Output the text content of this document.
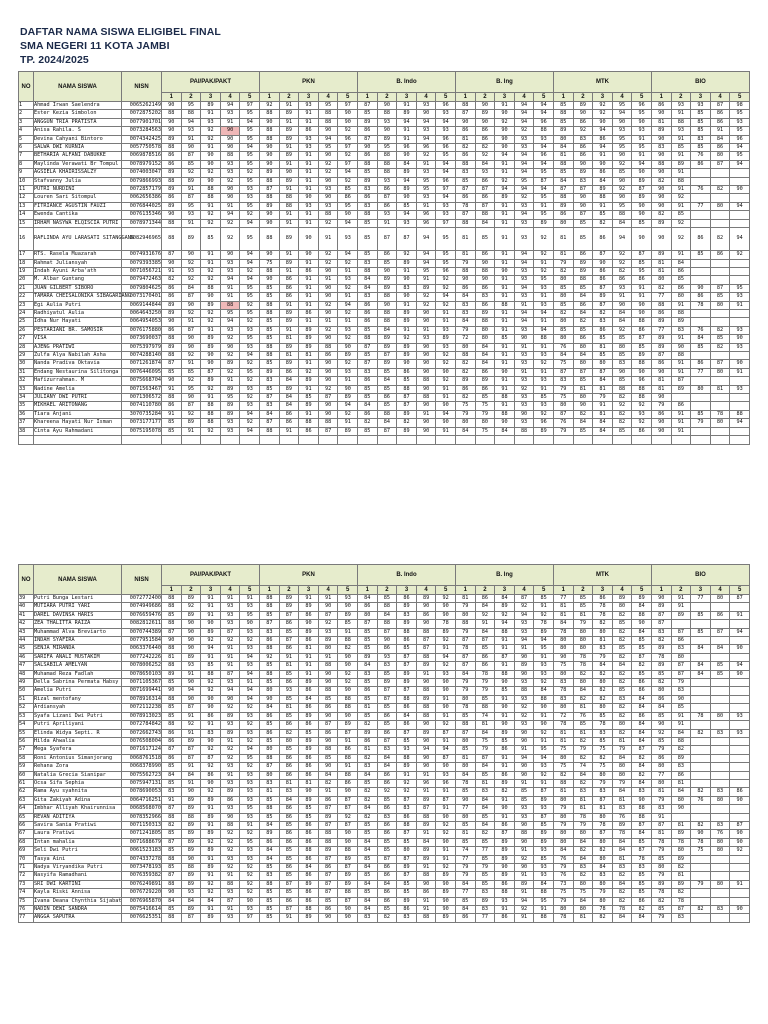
DAFTAR NAMA SISWA ELIGIBEL FINAL
SMA NEGERI 11 KOTA JAMBI
TP. 2024/2025
NO	NAMA SISWA	NISN	PAI/PAK/PAKT					PKN					B. Indo					B. Ing					MTK					BIO				
			1	2	3	4	5	1	2	3	4	5	1	2	3	4	5	1	2	3	4	5	1	2	3	4	5	1	2	3	4	5
1	Ahmad Irwan Saelendra	0065262149	90	95	89	94	97	92	91	93	95	97	87	90	91	93	96	88	90	91	94	94	85	89	92	95	96	86	93	93	87	98
2	Ester Kezia Simbolon	0072875202	88	88	91	93	95	88	89	91	88	90	85	88	89	90	93	87	89	90	94	94	88	90	92	94	95	90	91	85	86	95
3	ANGGUN TRIA PRATISTA	0077901701	90	94	93	91	94	90	91	91	88	90	89	93	94	94	94	90	90	92	94	96	85	86	90	90	90	81	88	85	86	93
4	Anisa Rahila. S	0073284563	90	93	92	90	95	88	89	86	90	92	86	90	91	93	93	86	86	90	92	88	89	92	94	93	93	89	93	85	91	95
5	Devina Cahyani Bintoro	0074342425	89	91	92	90	95	88	89	93	94	96	87	89	91	94	96	81	86	90	93	93	80	83	86	95	91	90	91	83	84	96
6	SALWA DWI KURNIA	0057750578	88	90	91	90	94	90	91	93	95	97	90	95	96	96	96	82	82	90	93	94	84	86	94	95	95	83	85	85	86	94
7	BETHARIA ALFANI DABUKKE	0069878516	86	87	90	88	95	90	89	91	90	92	86	88	90	92	95	86	92	94	94	96	81	86	91	90	91	90	91	76	80	95
8	Maylinda Verawati Br Tompul	0078979152	86	85	90	93	95	90	91	91	92	97	88	88	84	91	94	88	84	91	94	94	88	90	90	92	94	88	89	86	87	94
9	AGSIELA KHAIRISSALZY	0074003047	89	92	92	93	92	89	90	91	92	94	85	88	89	93	94	83	93	91	94	95	85	89	86	85	90	90	91			
10	Stafvanny Julia	0079866993	88	89	90	92	95	88	89	91	90	92	89	93	94	95	96	85	86	92	95	87	84	83	84	90	89	82	88			
11	PUTRI NURDINI	0072857179	89	91	88	90	93	87	91	91	93	85	83	86	89	95	97	87	87	94	94	94	87	87	89	92	87	90	91	76	82	90
12	Louren Sari Sitompul	0062656386	86	87	88	90	93	88	88	90	90	86	86	87	90	93	94	86	86	89	92	95	88	90	88	90	89	90	92			
13	FITRIANCE AGUSTIN FAUZI	0076844025	89	95	91	91	95	89	88	93	93	95	83	86	85	91	93	78	87	91	93	91	89	90	91	95	90	90	91	77	80	94
14	Ewenda Cantika	0076135346	90	93	92	94	92	90	91	91	88	90	88	93	94	96	93	87	88	91	94	95	86	87	85	88	90	82	85			
15	IRHAM NASYWA ELQISCIA PUTRI	0078971344	88	91	92	92	94	90	91	91	92	94	85	91	93	96	97	88	84	91	93	89	80	85	82	84	85	89	92			
16	RAFLINDA AYU LARASATI SITANGGANG	0082946965	88	89	85	92	95	88	89	90	91	93	85	87	87	94	95	81	85	91	93	92	81	85	86	94	90	90	92	86	82	94
17	RTS. Rasela Muazarah	0074931676	87	90	91	90	94	90	91	90	92	94	85	86	92	94	95	81	86	91	94	92	81	86	87	92	87	89	91	85	86	92
18	Rahmat Juliansyah	0079393385	90	92	91	93	94	75	89	91	92	92	83	85	89	94	95	79	90	91	94	91	79	89	90	92	85	81	84			
19	Indah Ayuni Arba'ath	0071056721	91	93	92	93	92	88	91	86	90	91	88	90	91	95	96	88	88	90	93	92	82	89	86	82	95	81	86			
20	M. Albar Guntang	0079472463	82	92	92	94	94	90	86	91	91	93	84	89	90	91	92	90	90	91	93	95	80	88	86	86	86	80	85			
21	JUAN GILBERT SIBORO	0079804625	86	84	88	91	95	85	86	91	90	92	84	89	83	89	92	86	86	91	94	93	85	85	87	93	91	82	86	90	87	95
22	TAMARA CHEISALONIKA SIBAGARIANG	0073170401	86	87	90	91	95	85	86	91	90	91	83	88	90	92	94	84	83	91	93	91	80	84	89	91	91	77	80	86	85	93
23	Egi Aulia Putri	0069144844	89	90	89	88	92	88	91	91	92	94	86	90	91	92	92	83	86	88	91	93	85	86	87	90	90	88	91	78	80	91
24	Radhiyatul Aulia	0064643250	89	92	92	95	95	88	89	86	90	92	86	88	89	90	91	83	89	91	94	94	82	84	82	84	90	86	88			
25	Idha Nur Hayati	0064954053	90	91	92	94	92	85	89	91	91	91	86	88	89	90	91	84	88	91	94	91	80	82	83	84	88	89	89			
26	PESTARIANI BR. SAMOSIR	0076175880	86	87	91	93	93	85	91	89	92	93	85	84	91	91	93	79	80	91	93	94	85	85	86	92	86	77	83	76	82	93
27	VISA	0073690037	88	90	89	92	95	85	81	89	90	92	88	89	92	93	89	72	80	85	90	88	80	86	85	85	87	89	91	84	85	90
28	AJENG PRATIWI	0075397979	89	90	89	90	93	88	89	89	88	90	87	89	89	90	93	80	84	91	91	91	76	80	81	80	85	89	90	85	82	93
29	Zulfa Alya Nabilah Asha	0074288140	88	92	90	92	94	88	81	81	86	89	85	87	89	90	92	88	84	91	93	93	84	84	85	85	89	87	88			
30	Nanda Pradiva Oktavia	0071261874	87	91	90	89	92	85	89	91	90	92	87	89	90	90	92	82	84	91	93	92	75	80	80	83	88	86	91	86	87	90
31	Endang Nestaurina Silitonga	0076446095	85	85	87	92	95	89	86	92	90	93	83	85	86	90	90	82	86	90	91	91	87	87	87	90	90	90	91	77	80	91
32	Hafizurrahman. M	0075668704	90	92	89	91	92	83	84	89	90	91	86	84	85	88	92	89	89	91	93	93	83	85	84	85	96	81	87			
33	Nadine Amelia	0071563467	91	95	92	89	93	85	89	91	92	90	85	85	88	90	91	86	86	91	92	91	79	81	81	88	88	81	89	80	81	93
34	JULIANY DWI PUTRI	0071306572	88	90	91	95	92	87	84	85	87	89	85	86	87	88	91	82	85	88	93	85	75	80	79	82	88	90				
35	MIKHAEL ARITONANG	0074110780	86	87	88	89	93	83	84	89	90	94	84	85	87	90	90	75	75	91	93	93	80	90	91	92	92	79	86			
36	Tiara Anjani	3070735284	91	92	88	89	94	84	86	91	90	92	86	88	89	91	94	79	79	88	90	92	87	82	81	82	93	86	91	85	78	88
37	Khareena Hayati Nur Isman	0073177177	85	89	88	93	92	87	86	88	88	91	82	84	82	90	90	80	80	90	93	96	76	84	84	82	92	90	91	79	80	94
38	Cinta Ayu Rahmadani	0075195078	85	91	92	93	94	88	91	86	87	89	85	87	89	90	91	84	75	84	88	89	79	85	84	85	86	90	91			

NO	NAMA SISWA	NISN	PAI/PAK/PAKT					PKN					B. Indo					B. Ing					MTK					BIO				
			1	2	3	4	5	1	2	3	4	5	1	2	3	4	5	1	2	3	4	5	1	2	3	4	5	1	2	3	4	5
39	Putri Bunga Lestari	0072772400	88	89	91	91	91	88	89	91	91	93	84	85	86	89	92	81	86	84	87	85	77	85	86	89	89	90	91	77	80	87
40	MUTIARA PUTRI YARI	0074949686	88	92	91	93	93	88	89	89	90	90	86	88	89	90	90	79	84	89	92	91	81	85	78	80	84	89	91			
41	DAREL DAVINSA HARIS	0076659476	85	89	91	93	95	85	87	86	87	89	80	84	83	86	90	80	92	92	94	92	81	81	78	82	88	87	89	85	86	91
42	ZEA THALITTA RAIZA	0082812611	88	90	90	93	90	87	86	90	92	85	87	88	89	90	78	88	91	94	93	78	84	79	82	85	90	87				
43	Muhammad Alva Breviarto	0070744389	87	90	89	87	93	83	85	89	93	91	85	87	88	88	89	79	84	88	93	89	78	80	80	82	84	83	87	85	87	94
44	INDAH SYAFIRA	0077951584	90	90	92	92	92	86	87	86	89	88	85	90	86	87	92	87	87	91	94	94	80	80	81	82	85	82	86			
45	SENJA MIRANDA	0063376440	88	90	94	91	93	88	86	81	80	82	85	86	85	87	91	78	85	91	91	95	80	80	83	85	85	89	83	84	84	90
46	SARIFA ANALI MUSTAKIM	0077242226	81	89	91	91	94	92	91	91	91	90	89	93	87	88	94	87	86	87	90	91	90	78	79	82	87	78	80			
47	SALSABILA AMELYAN	0078006252	88	93	85	91	93	85	81	91	88	90	84	83	87	89	92	87	86	91	89	93	75	78	84	84	82	89	87	84	85	94
48	Muhamad Reza Fadlah	0078650103	89	91	88	87	94	88	85	91	90	92	83	85	89	91	93	84	78	88	90	93	80	82	82	82	85	85	87	84	85	90
49	Della Sabrina Permata Habsy	0071105367	85	90	92	93	91	85	86	89	90	92	85	89	89	90	90	79	79	90	93	92	83	80	80	82	86	82	79			
50	Amelia Putri	0071699441	90	94	92	94	94	80	93	86	88	90	86	87	87	88	90	79	79	85	88	84	78	84	82	85	86	80	83			
51	Rizal mentofany	0078916314	88	90	90	90	94	90	85	84	85	88	85	87	88	89	91	80	85	91	93	88	83	82	82	83	84	86	90			
52	Ardiansyah	0072112238	85	87	90	92	92	84	81	86	86	88	81	85	86	88	90	78	88	90	92	90	80	81	80	82	84	84	85			
53	Syafa Lizani Dwi Putri	0078913023	85	91	86	89	93	86	85	89	90	90	85	86	84	88	91	85	74	91	92	91	72	76	85	82	86	85	91	78	80	93
54	Putri Apriliyani	0072784842	88	92	91	93	92	85	86	86	87	89	82	85	86	90	92	88	81	90	93	90	78	85	78	80	84	90	91			
55	Elinda Widya Septi. R	0072662743	86	91	83	89	93	86	82	85	86	87	89	86	87	89	87	87	84	89	90	92	81	81	83	82	84	92	84	82	83	93
56	Hilda Ahwalia	0076508004	86	89	90	91	92	85	80	89	90	91	86	87	85	90	91	80	75	85	90	91	81	82	85	81	84	85	88			
57	Mega Syafera	0071617124	87	87	92	92	94	80	85	89	88	86	81	83	93	94	94	85	79	86	91	95	75	79	75	79	87	79	82			
58	Roni Antonius Simanjorang	0068761518	86	87	87	92	95	88	86	86	85	88	82	84	88	90	87	81	87	91	94	94	80	82	82	84	82	86	89			
59	Rehana Zora	0068378990	85	91	92	93	92	87	86	86	90	91	83	84	89	90	90	80	84	91	90	93	75	74	75	80	84	80	83			
60	Natalia Grecia Sianipar	0075562723	84	84	86	91	93	80	86	86	84	88	84	86	91	91	93	84	85	86	90	92	82	84	80	80	82	77	86			
61	Ocsa Sifa Sephia	0075947131	85	91	90	93	93	83	81	81	82	86	85	86	92	96	96	78	81	89	91	91	88	82	79	79	84	80	81			
62	Rama Ayu syahnita	0078690053	83	90	92	89	93	81	83	90	91	90	82	92	92	91	91	85	83	82	85	87	81	83	83	84	83	81	84	82	83	86
63	Gita Zakiyah Adina	0064716251	91	89	89	86	93	85	84	89	86	87	82	85	87	89	87	90	84	91	85	89	80	81	87	81	90	79	80	76	80	90
64	Imbhar Alliyah Khairunnisa	0068568070	87	89	91	93	95	88	86	85	87	87	84	86	83	87	91	77	84	90	93	93	79	81	81	83	88	83	90			
65	REVAN ADITIYA	0078352966	88	88	89	90	93	85	86	85	89	92	82	83	86	88	90	80	85	91	93	87	80	78	80	76	88	91				
66	Savira Sania Pratiwi	0071150313	82	89	91	88	91	84	85	86	87	87	85	86	88	89	92	85	84	86	90	85	79	79	78	89	87	87	81	82	83	87
67	Laura Pratiwi	0071241805	85	89	89	92	92	89	86	86	88	90	85	86	87	91	92	81	82	87	88	89	80	80	87	78	84	81	89	90	76	90
68	Intan mahalia	0071688679	87	89	92	92	95	86	86	86	88	90	84	85	85	84	90	85	85	89	90	89	80	84	80	84	85	78	78	78	80	90
69	Seli Dwi Putri	0061523183	85	89	89	92	93	84	85	88	89	88	84	85	80	89	91	74	77	89	91	93	84	82	82	84	87	79	80	75	80	92
70	Tasya Aini	0074337278	88	90	91	93	93	84	85	86	87	89	85	87	87	89	91	77	85	89	92	85	76	84	80	81	78	85	89			
71	Nadya Viryandika Putri	0073478193	85	88	89	92	92	85	86	84	86	87	84	86	89	91	92	79	79	90	90	93	79	83	84	83	83	80	82			
72	Nasyifa Ramadhani	0076359382	87	89	91	91	92	83	85	86	87	89	85	86	87	88	89	79	85	89	91	93	76	82	83	82	85	79	81			
73	SRI DWI KARTINI	0076249891	88	89	92	88	92	88	87	89	87	89	84	84	85	90	90	84	85	86	89	84	73	80	80	84	85	89	89	79	80	91
74	Kayla Riski Annisa	0076729220	90	93	92	93	92	85	85	86	87	88	85	86	85	86	89	77	83	88	91	88	75	75	79	82	85	78	82			
75	Ivana Deana Chynthia Sijabat	0076965870	84	84	84	87	90	85	86	86	85	87	84	86	89	91	90	85	89	93	94	95	79	84	80	82	86	82	78			
76	NADIN DEWI SANDRA	0075416614	85	89	91	91	93	85	87	88	86	90	84	85	86	91	90	84	83	91	92	91	80	80	78	78	82	85	87	82	83	90
77	ANGGA SAPUTRA	0076625351	88	87	89	93	97	85	91	89	90	90	83	82	83	88	89	86	77	86	91	88	78	81	82	84	84	79	83			
